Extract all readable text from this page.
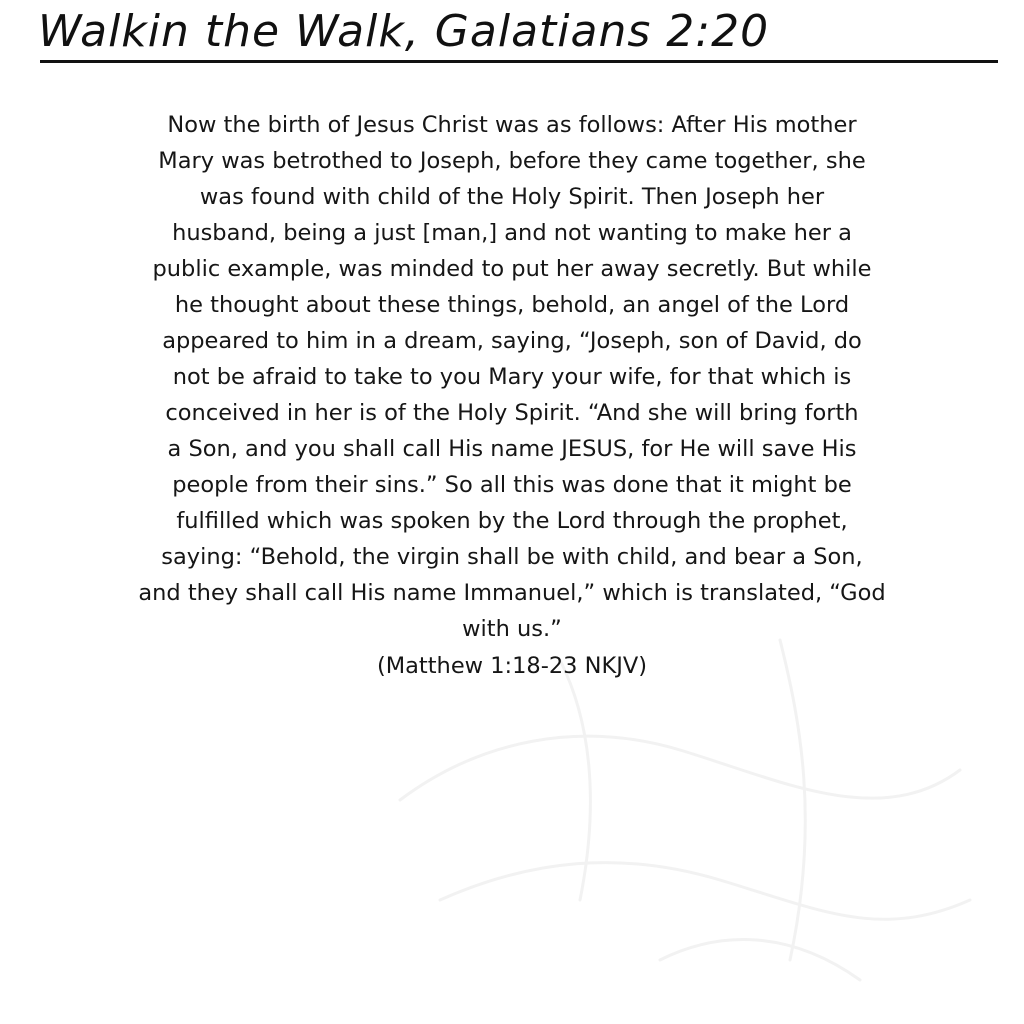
Walkin the Walk, Galatians 2:20

Now the birth of Jesus Christ was as follows: After His mother
Mary was betrothed to Joseph, before they came together, she
was found with child of the Holy Spirit. Then Joseph her
husband, being a just [man,] and not wanting to make her a
public example, was minded to put her away secretly. But while
he thought about these things, behold, an angel of the Lord
appeared to him in a dream, saying, “Joseph, son of David, do
not be afraid to take to you Mary your wife, for that which is
conceived in her is of the Holy Spirit. “And she will bring forth
a Son, and you shall call His name JESUS, for He will save His
people from their sins.” So all this was done that it might be
fulfilled which was spoken by the Lord through the prophet,
saying: “Behold, the virgin shall be with child, and bear a Son,
and they shall call His name Immanuel,” which is translated, “God
with us.”

(Matthew 1:18-23 NKJV)
